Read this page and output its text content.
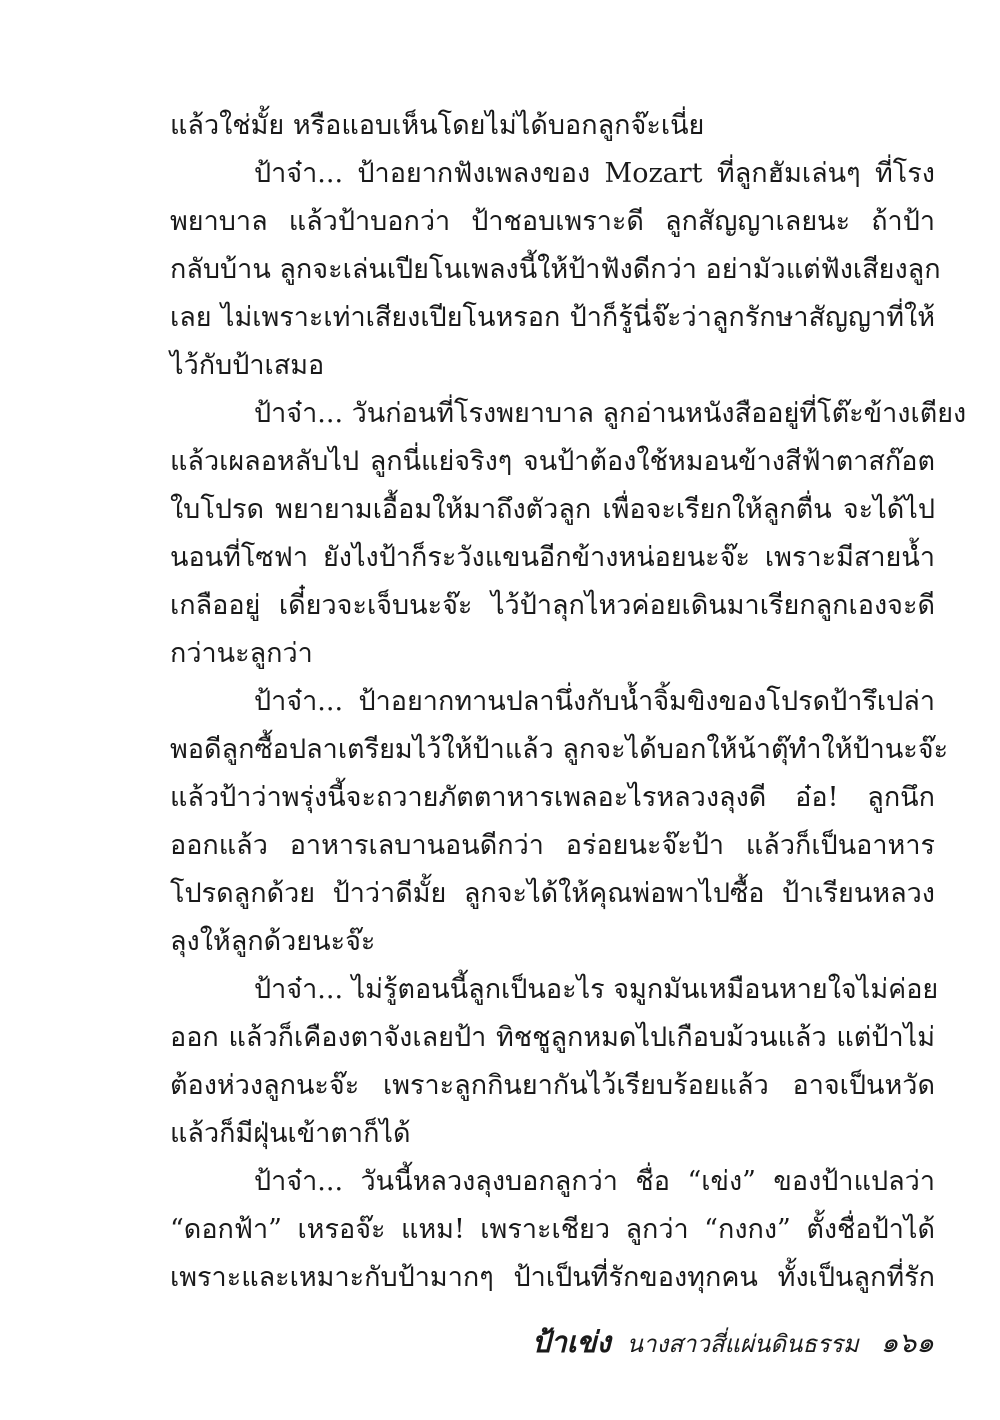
แล้วใช่มั้ย หรือแอบเห็นโดยไม่ได้บอกลูกจ๊ะเนี่ย
ป้าจ๋า... ป้าอยากฟังเพลงของ Mozart ที่ลูกฮัมเล่นๆ ที่โรง
พยาบาล แล้วป้าบอกว่า ป้าชอบเพราะดี ลูกสัญญาเลยนะ ถ้าป้า
กลับบ้าน ลูกจะเล่นเปียโนเพลงนี้ให้ป้าฟังดีกว่า อย่ามัวแต่ฟังเสียงลูก
เลย ไม่เพราะเท่าเสียงเปียโนหรอก ป้าก็รู้นี่จ๊ะว่าลูกรักษาสัญญาที่ให้
ไว้กับป้าเสมอ
ป้าจ๋า... วันก่อนที่โรงพยาบาล ลูกอ่านหนังสืออยู่ที่โต๊ะข้างเตียง
แล้วเผลอหลับไป ลูกนี่แย่จริงๆ จนป้าต้องใช้หมอนข้างสีฟ้าตาสก๊อต
ใบโปรด พยายามเอื้อมให้มาถึงตัวลูก เพื่อจะเรียกให้ลูกตื่น จะได้ไป
นอนที่โซฟา ยังไงป้าก็ระวังแขนอีกข้างหน่อยนะจ๊ะ เพราะมีสายน้ำ
เกลืออยู่ เดี๋ยวจะเจ็บนะจ๊ะ ไว้ป้าลุกไหวค่อยเดินมาเรียกลูกเองจะดี
กว่านะลูกว่า
ป้าจ๋า... ป้าอยากทานปลานึ่งกับน้ำจิ้มขิงของโปรดป้ารึเปล่า
พอดีลูกซื้อปลาเตรียมไว้ให้ป้าแล้ว ลูกจะได้บอกให้น้าตุ๊ทำให้ป้านะจ๊ะ
แล้วป้าว่าพรุ่งนี้จะถวายภัตตาหารเพลอะไรหลวงลุงดี อ๋อ! ลูกนึก
ออกแล้ว อาหารเลบานอนดีกว่า อร่อยนะจ๊ะป้า แล้วก็เป็นอาหาร
โปรดลูกด้วย ป้าว่าดีมั้ย ลูกจะได้ให้คุณพ่อพาไปซื้อ ป้าเรียนหลวง
ลุงให้ลูกด้วยนะจ๊ะ
ป้าจ๋า... ไม่รู้ตอนนี้ลูกเป็นอะไร จมูกมันเหมือนหายใจไม่ค่อย
ออก แล้วก็เคืองตาจังเลยป้า ทิชชูลูกหมดไปเกือบม้วนแล้ว แต่ป้าไม่
ต้องห่วงลูกนะจ๊ะ เพราะลูกกินยากันไว้เรียบร้อยแล้ว อาจเป็นหวัด
แล้วก็มีฝุ่นเข้าตาก็ได้
ป้าจ๋า... วันนี้หลวงลุงบอกลูกว่า ชื่อ “เข่ง” ของป้าแปลว่า
“ดอกฟ้า” เหรอจ๊ะ แหม! เพราะเชียว ลูกว่า “กงกง” ตั้งชื่อป้าได้
เพราะและเหมาะกับป้ามากๆ ป้าเป็นที่รักของทุกคน ทั้งเป็นลูกที่รัก
ป้าเข่ง นางสาวสี่แผ่นดินธรรม ๑๖๑
